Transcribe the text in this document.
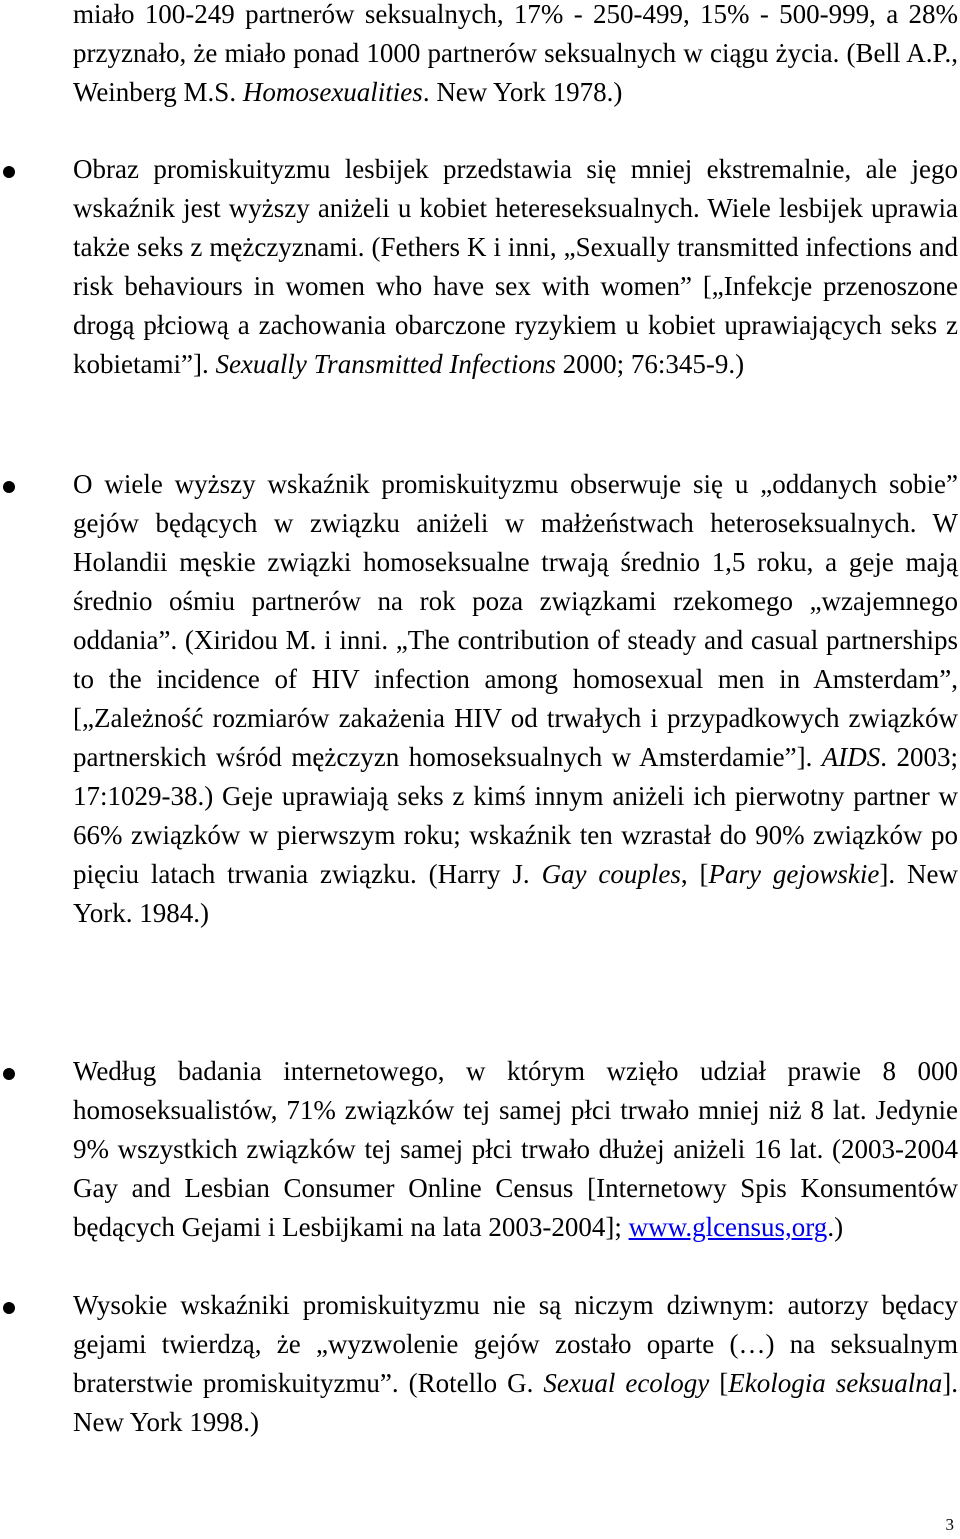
miało 100-249 partnerów seksualnych, 17% - 250-499, 15% - 500-999, a 28% przyznało, że miało ponad 1000 partnerów seksualnych w ciągu życia. (Bell A.P., Weinberg M.S. Homosexualities. New York 1978.)

Obraz promiskuityzmu lesbijek przedstawia się mniej ekstremalnie, ale jego wskaźnik jest wyższy aniżeli u kobiet hetereseksualnych. Wiele lesbijek uprawia także seks z mężczyznami. (Fethers K i inni, „Sexually transmitted infections and risk behaviours in women who have sex with women” [„Infekcje przenoszone drogą płciową a zachowania obarczone ryzykiem u kobiet uprawiających seks z kobietami”]. Sexually Transmitted Infections 2000; 76:345-9.)

O wiele wyższy wskaźnik promiskuityzmu obserwuje się u „oddanych sobie” gejów będących w związku aniżeli w małżeństwach heteroseksualnych. W Holandii męskie związki homoseksualne trwają średnio 1,5 roku, a geje mają średnio ośmiu partnerów na rok poza związkami rzekomego „wzajemnego oddania”. (Xiridou M. i inni. „The contribution of steady and casual partnerships to the incidence of HIV infection among homosexual men in Amsterdam”, [„Zależność rozmiarów zakażenia HIV od trwałych i przypadkowych związków partnerskich wśród mężczyzn homoseksualnych w Amsterdamie”]. AIDS. 2003; 17:1029-38.) Geje uprawiają seks z kimś innym aniżeli ich pierwotny partner w 66% związków w pierwszym roku; wskaźnik ten wzrastał do 90% związków po pięciu latach trwania związku. (Harry J. Gay couples, [Pary gejowskie]. New York. 1984.)

Według badania internetowego, w którym wzięło udział prawie 8 000 homoseksualistów, 71% związków tej samej płci trwało mniej niż 8 lat. Jedynie 9% wszystkich związków tej samej płci trwało dłużej aniżeli 16 lat. (2003-2004 Gay and Lesbian Consumer Online Census [Internetowy Spis Konsumentów będących Gejami i Lesbijkami na lata 2003-2004]; www.glcensus,org.)

Wysokie wskaźniki promiskuityzmu nie są niczym dziwnym: autorzy będacy gejami twierdzą, że „wyzwolenie gejów zostało oparte (…) na seksualnym braterstwie promiskuityzmu”. (Rotello G. Sexual ecology [Ekologia seksualna]. New York 1998.)

3
